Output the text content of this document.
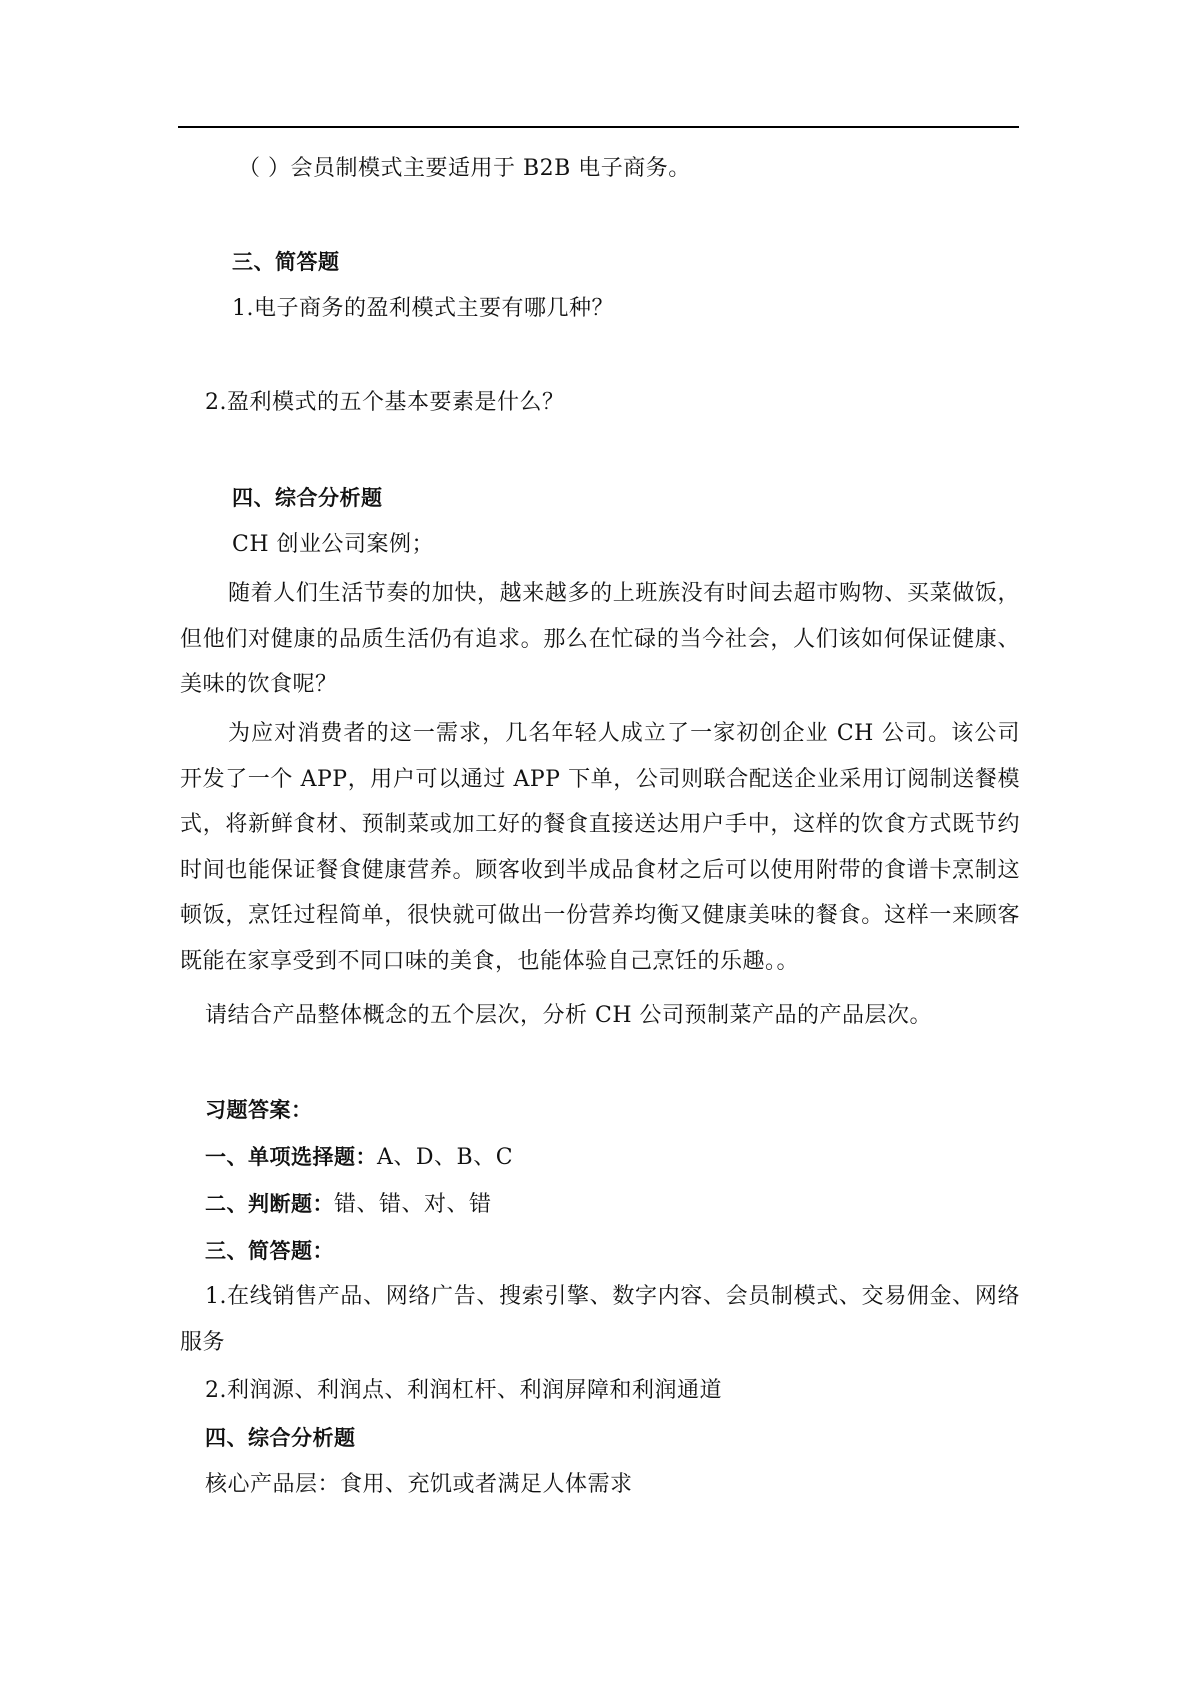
（ ）会员制模式主要适用于 B2B 电子商务。
三、简答题
1.电子商务的盈利模式主要有哪几种？
2.盈利模式的五个基本要素是什么？
四、综合分析题
CH 创业公司案例；

随着人们生活节奏的加快，越来越多的上班族没有时间去超市购物、买菜做饭，但他们对健康的品质生活仍有追求。那么在忙碌的当今社会，人们该如何保证健康、美味的饮食呢？

为应对消费者的这一需求，几名年轻人成立了一家初创企业 CH 公司。该公司开发了一个 APP，用户可以通过 APP 下单，公司则联合配送企业采用订阅制送餐模式，将新鲜食材、预制菜或加工好的餐食直接送达用户手中，这样的饮食方式既节约时间也能保证餐食健康营养。顾客收到半成品食材之后可以使用附带的食谱卡烹制这顿饭，烹饪过程简单，很快就可做出一份营养均衡又健康美味的餐食。这样一来顾客既能在家享受到不同口味的美食，也能体验自己烹饪的乐趣。。

请结合产品整体概念的五个层次，分析 CH 公司预制菜产品的产品层次。
习题答案：
一、单项选择题：A、D、B、C
二、判断题：错、错、对、错
三、简答题：

1.在线销售产品、网络广告、搜索引擎、数字内容、会员制模式、交易佣金、网络服务

2.利润源、利润点、利润杠杆、利润屏障和利润通道
四、综合分析题
核心产品层：食用、充饥或者满足人体需求
